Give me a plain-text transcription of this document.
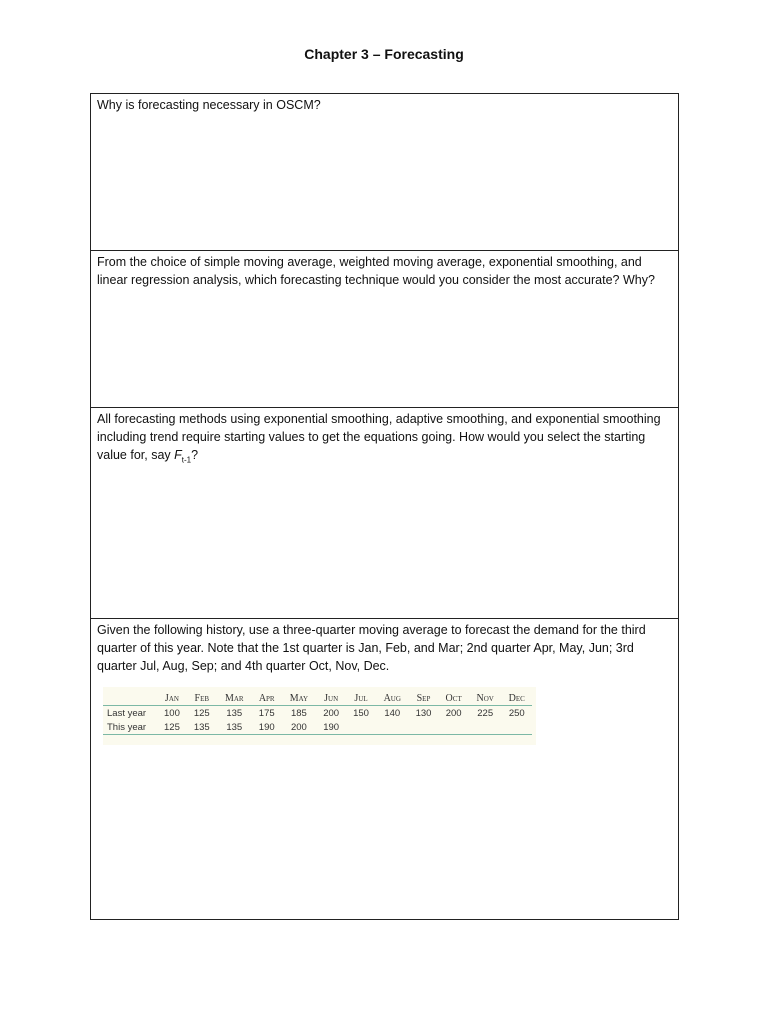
Chapter 3 – Forecasting

Why is forecasting necessary in OSCM?

From the choice of simple moving average, weighted moving average, exponential smoothing, and linear regression analysis, which forecasting technique would you consider the most accurate? Why?

All forecasting methods using exponential smoothing, adaptive smoothing, and exponential smoothing including trend require starting values to get the equations going. How would you select the starting value for, say $F_{t-1}$?

Given the following history, use a three-quarter moving average to forecast the demand for the third quarter of this year. Note that the 1st quarter is Jan, Feb, and Mar; 2nd quarter Apr, May, Jun; 3rd quarter Jul, Aug, Sep; and 4th quarter Oct, Nov, Dec.

	Jan	Feb	Mar	Apr	May	Jun	Jul	Aug	Sep	Oct	Nov	Dec
Last year	100	125	135	175	185	200	150	140	130	200	225	250
This year	125	135	135	190	200	190						
